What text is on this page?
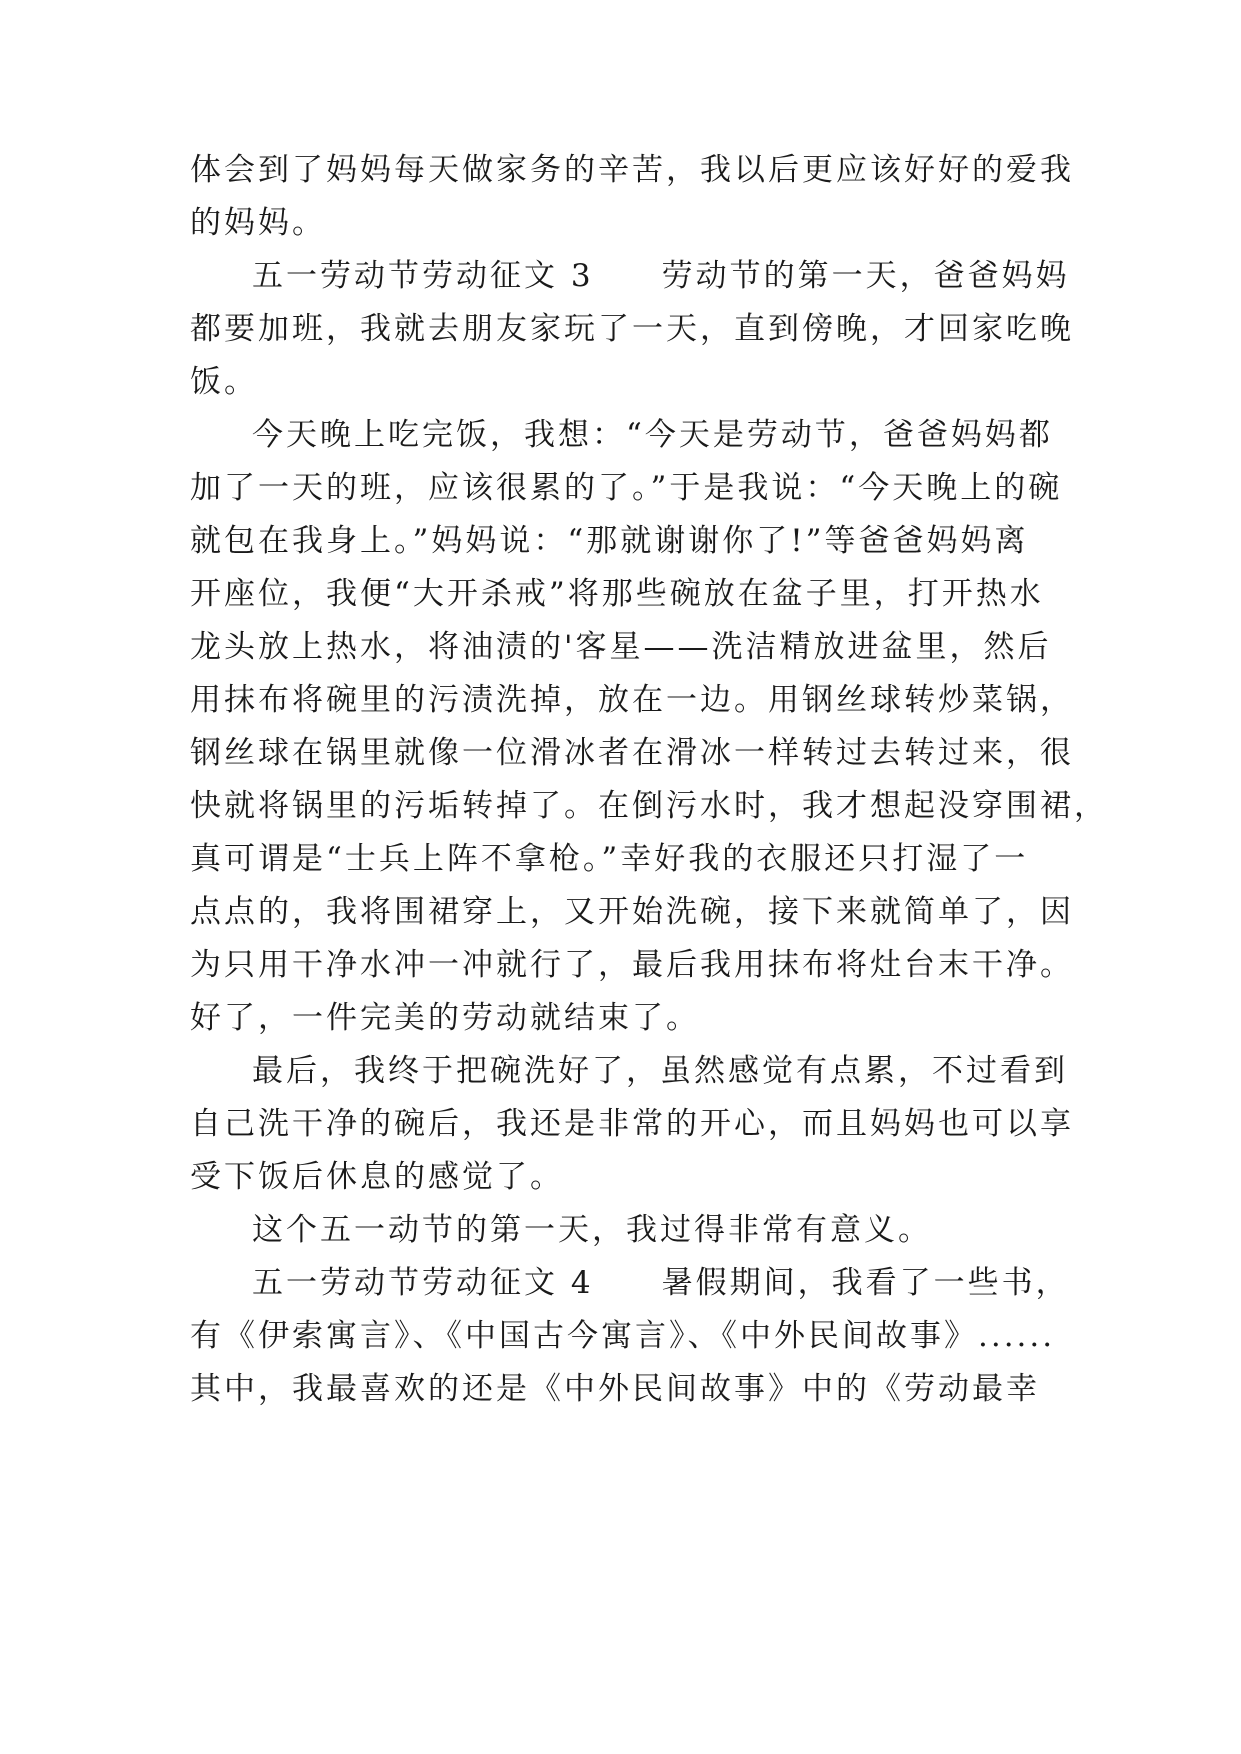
体会到了妈妈每天做家务的辛苦，我以后更应该好好的爱我
的妈妈。
五一劳动节劳动征文 3　　劳动节的第一天，爸爸妈妈
都要加班，我就去朋友家玩了一天，直到傍晚，才回家吃晚
饭。
今天晚上吃完饭，我想：“今天是劳动节，爸爸妈妈都
加了一天的班，应该很累的了。”于是我说：“今天晚上的碗
就包在我身上。”妈妈说：“那就谢谢你了!”等爸爸妈妈离
开座位，我便“大开杀戒”将那些碗放在盆子里，打开热水
龙头放上热水，将油渍的'客星——洗洁精放进盆里，然后
用抹布将碗里的污渍洗掉，放在一边。用钢丝球转炒菜锅，
钢丝球在锅里就像一位滑冰者在滑冰一样转过去转过来，很
快就将锅里的污垢转掉了。在倒污水时，我才想起没穿围裙，
真可谓是“士兵上阵不拿枪。”幸好我的衣服还只打湿了一
点点的，我将围裙穿上，又开始洗碗，接下来就简单了，因
为只用干净水冲一冲就行了，最后我用抹布将灶台末干净。
好了，一件完美的劳动就结束了。
最后，我终于把碗洗好了，虽然感觉有点累，不过看到
自己洗干净的碗后，我还是非常的开心，而且妈妈也可以享
受下饭后休息的感觉了。
这个五一动节的第一天，我过得非常有意义。
五一劳动节劳动征文 4　　暑假期间，我看了一些书，
有《伊索寓言》、《中国古今寓言》、《中外民间故事》......
其中，我最喜欢的还是《中外民间故事》中的《劳动最幸
